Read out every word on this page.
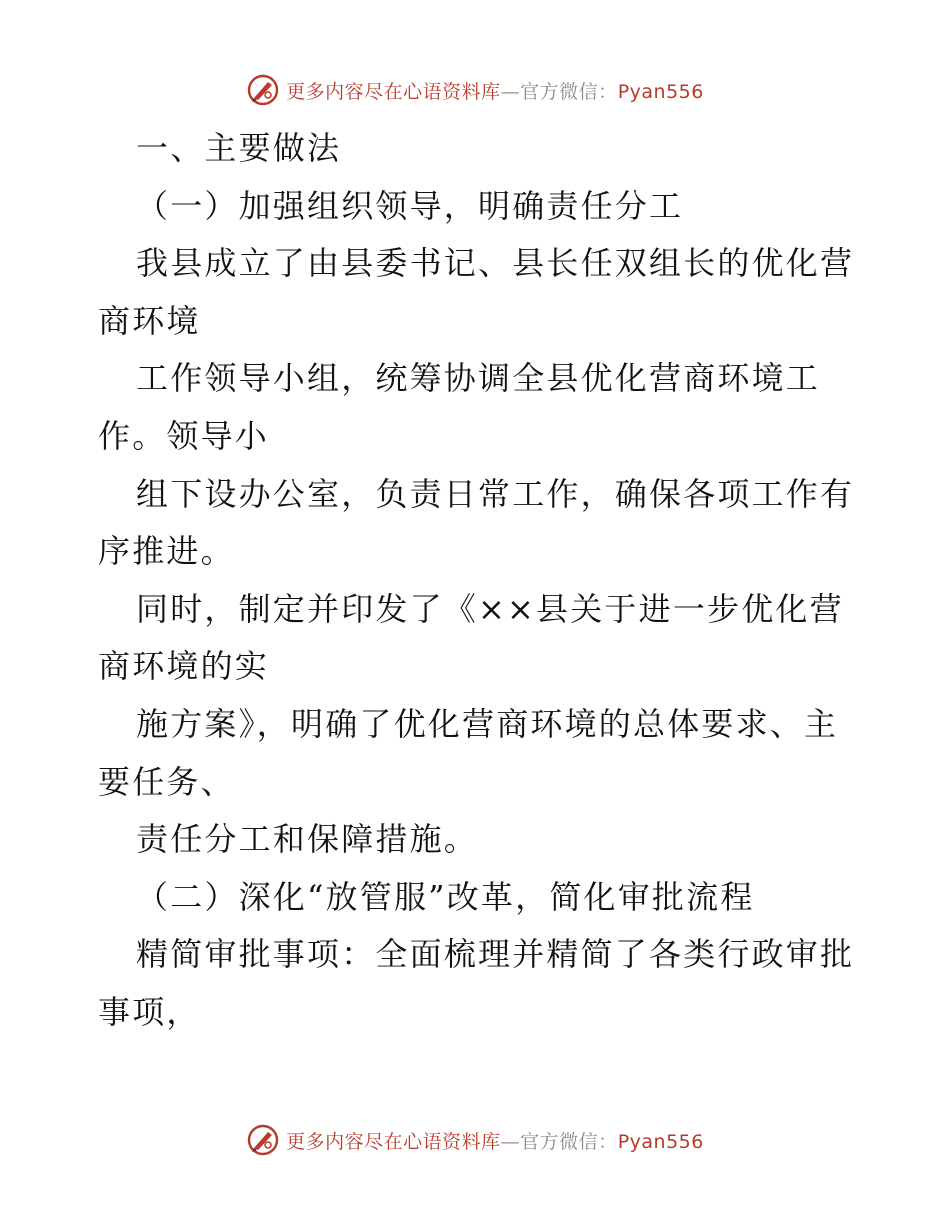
更多内容尽在心语资料库—官方微信：Pyan556
一、主要做法
（一）加强组织领导，明确责任分工
我县成立了由县委书记、县长任双组长的优化营
商环境
工作领导小组，统筹协调全县优化营商环境工
作。领导小
组下设办公室，负责日常工作，确保各项工作有
序推进。
同时，制定并印发了《××县关于进一步优化营
商环境的实
施方案》，明确了优化营商环境的总体要求、主
要任务、
责任分工和保障措施。
（二）深化“放管服”改革，简化审批流程
精简审批事项：全面梳理并精简了各类行政审批
事项，
更多内容尽在心语资料库—官方微信：Pyan556
